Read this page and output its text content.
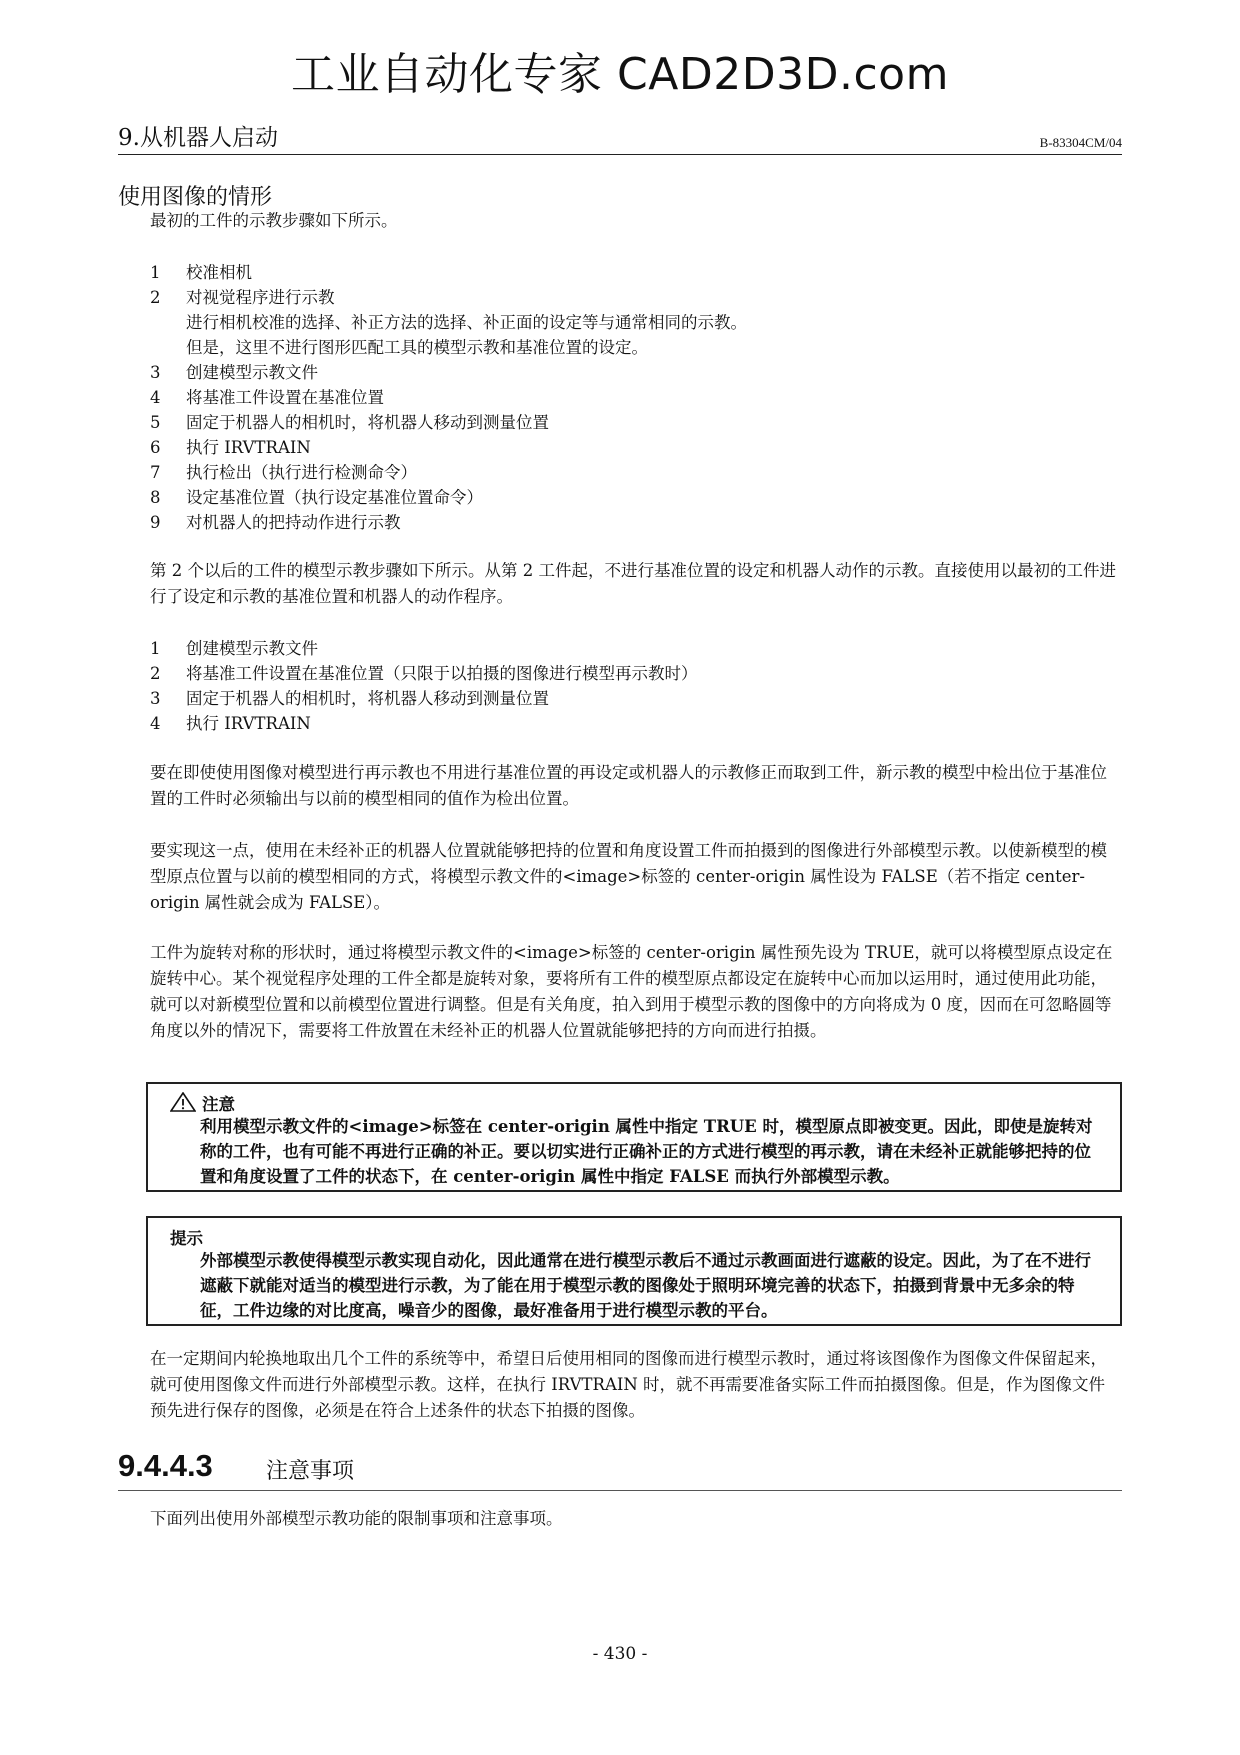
工业自动化专家 CAD2D3D.com
9.从机器人启动	B-83304CM/04
使用图像的情形
最初的工件的示教步骤如下所示。
1 校准相机
2 对视觉程序进行示教
进行相机校准的选择、补正方法的选择、补正面的设定等与通常相同的示教。
但是，这里不进行图形匹配工具的模型示教和基准位置的设定。
3 创建模型示教文件
4 将基准工件设置在基准位置
5 固定于机器人的相机时，将机器人移动到测量位置
6 执行 IRVTRAIN
7 执行检出（执行进行检测命令）
8 设定基准位置（执行设定基准位置命令）
9 对机器人的把持动作进行示教
第 2 个以后的工件的模型示教步骤如下所示。从第 2 工件起，不进行基准位置的设定和机器人动作的示教。直接使用以最初的工件进行了设定和示教的基准位置和机器人的动作程序。
1 创建模型示教文件
2 将基准工件设置在基准位置（只限于以拍摄的图像进行模型再示教时）
3 固定于机器人的相机时，将机器人移动到测量位置
4 执行 IRVTRAIN
要在即使使用图像对模型进行再示教也不用进行基准位置的再设定或机器人的示教修正而取到工件，新示教的模型中检出位于基准位置的工件时必须输出与以前的模型相同的值作为检出位置。
要实现这一点，使用在未经补正的机器人位置就能够把持的位置和角度设置工件而拍摄到的图像进行外部模型示教。以使新模型的模型原点位置与以前的模型相同的方式，将模型示教文件的<image>标签的 center-origin 属性设为 FALSE（若不指定 center-origin 属性就会成为 FALSE）。
工件为旋转对称的形状时，通过将模型示教文件的<image>标签的 center-origin 属性预先设为 TRUE，就可以将模型原点设定在旋转中心。某个视觉程序处理的工件全都是旋转对象，要将所有工件的模型原点都设定在旋转中心而加以运用时，通过使用此功能，就可以对新模型位置和以前模型位置进行调整。但是有关角度，拍入到用于模型示教的图像中的方向将成为 0 度，因而在可忽略圆等角度以外的情况下，需要将工件放置在未经补正的机器人位置就能够把持的方向而进行拍摄。
注意
利用模型示教文件的<image>标签在 center-origin 属性中指定 TRUE 时，模型原点即被变更。因此，即使是旋转对称的工件，也有可能不再进行正确的补正。要以切实进行正确补正的方式进行模型的再示教，请在未经补正就能够把持的位置和角度设置了工件的状态下，在 center-origin 属性中指定 FALSE 而执行外部模型示教。
提示
外部模型示教使得模型示教实现自动化，因此通常在进行模型示教后不通过示教画面进行遮蔽的设定。因此，为了在不进行遮蔽下就能对适当的模型进行示教，为了能在用于模型示教的图像处于照明环境完善的状态下，拍摄到背景中无多余的特征，工件边缘的对比度高，噪音少的图像，最好准备用于进行模型示教的平台。
在一定期间内轮换地取出几个工件的系统等中，希望日后使用相同的图像而进行模型示教时，通过将该图像作为图像文件保留起来，就可使用图像文件而进行外部模型示教。这样，在执行 IRVTRAIN 时，就不再需要准备实际工件而拍摄图像。但是，作为图像文件预先进行保存的图像，必须是在符合上述条件的状态下拍摄的图像。
9.4.4.3 注意事项
下面列出使用外部模型示教功能的限制事项和注意事项。
- 430 -
